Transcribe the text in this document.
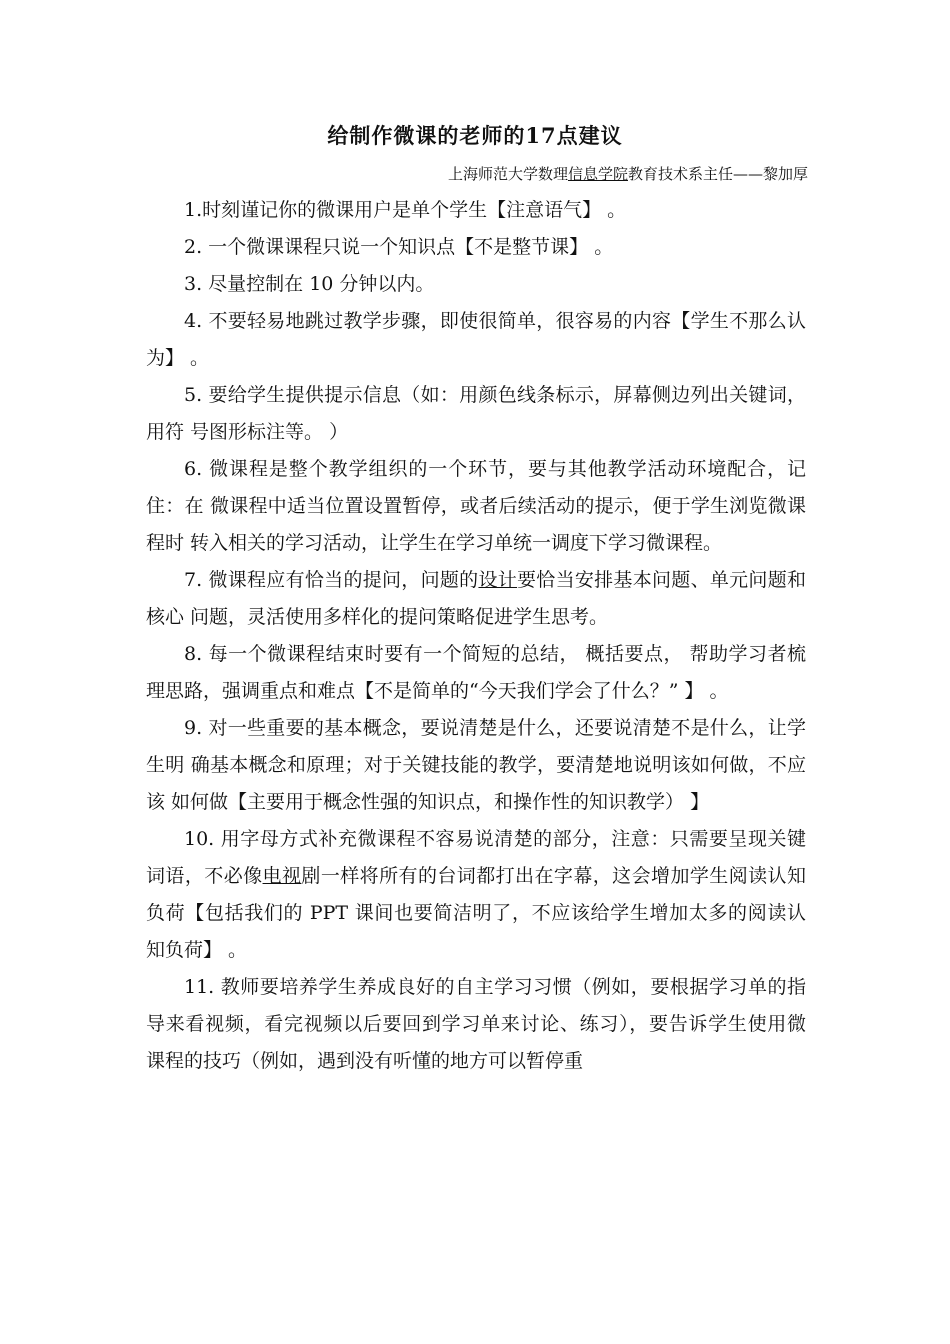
给制作微课的老师的17点建议
上海师范大学数理信息学院教育技术系主任——黎加厚

1.时刻谨记你的微课用户是单个学生【注意语气】 。

2. 一个微课课程只说一个知识点【不是整节课】 。

3. 尽量控制在 10 分钟以内。

4. 不要轻易地跳过教学步骤，即使很简单，很容易的内容【学生不那么认为】 。

5. 要给学生提供提示信息（如：用颜色线条标示，屏幕侧边列出关键词，用符 号图形标注等。 ）

6. 微课程是整个教学组织的一个环节，要与其他教学活动环境配合，记住：在 微课程中适当位置设置暂停，或者后续活动的提示，便于学生浏览微课程时 转入相关的学习活动，让学生在学习单统一调度下学习微课程。

7. 微课程应有恰当的提问，问题的设计要恰当安排基本问题、单元问题和核心 问题，灵活使用多样化的提问策略促进学生思考。

8. 每一个微课程结束时要有一个简短的总结， 概括要点， 帮助学习者梳理思路，强调重点和难点【不是简单的“今天我们学会了什么？” 】 。

9. 对一些重要的基本概念，要说清楚是什么，还要说清楚不是什么，让学生明 确基本概念和原理；对于关键技能的教学，要清楚地说明该如何做，不应该 如何做【主要用于概念性强的知识点，和操作性的知识教学） 】

10. 用字母方式补充微课程不容易说清楚的部分，注意：只需要呈现关键词语，不必像电视剧一样将所有的台词都打出在字幕，这会增加学生阅读认知 负荷【包括我们的 PPT 课间也要简洁明了，不应该给学生增加太多的阅读认 知负荷】 。

11. 教师要培养学生养成良好的自主学习习惯（例如，要根据学习单的指导来看视频，看完视频以后要回到学习单来讨论、练习），要告诉学生使用微 课程的技巧（例如，遇到没有听懂的地方可以暂停重
